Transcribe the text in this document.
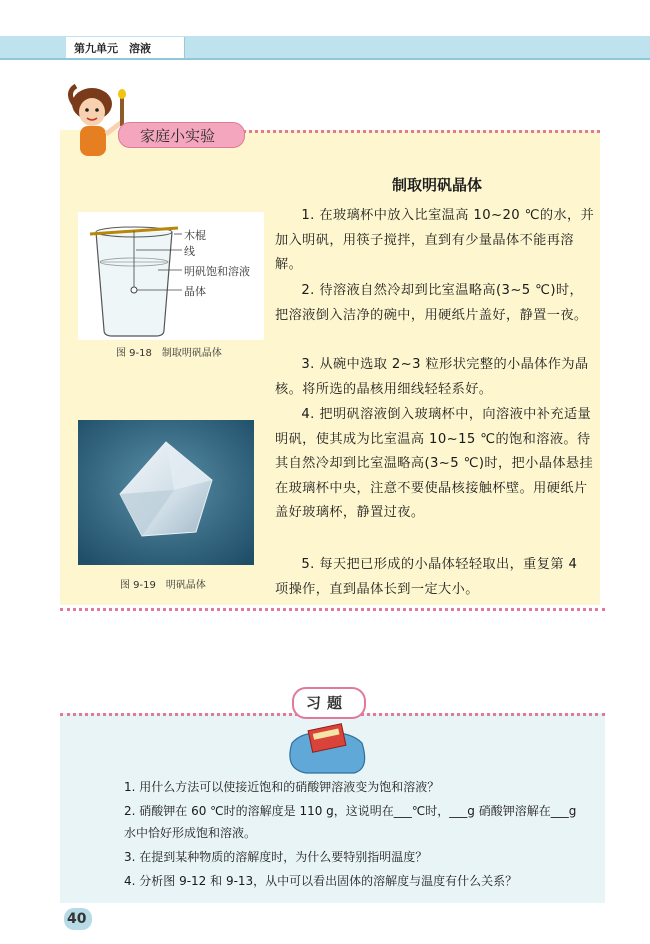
第九单元　溶液
家庭小实验
制取明矾晶体
1. 在玻璃杯中放入比室温高 10~20 ℃的水，并加入明矾，用筷子搅拌，直到有少量晶体不能再溶解。
2. 待溶液自然冷却到比室温略高(3~5 ℃)时，把溶液倒入洁净的碗中，用硬纸片盖好，静置一夜。
3. 从碗中选取 2~3 粒形状完整的小晶体作为晶核。将所选的晶核用细线轻轻系好。
4. 把明矾溶液倒入玻璃杯中，向溶液中补充适量明矾，使其成为比室温高 10~15 ℃的饱和溶液。待其自然冷却到比室温略高(3~5 ℃)时，把小晶体悬挂在玻璃杯中央，注意不要使晶核接触杯壁。用硬纸片盖好玻璃杯，静置过夜。
5. 每天把已形成的小晶体轻轻取出，重复第 4 项操作，直到晶体长到一定大小。
木棍
线
明矾饱和溶液
晶体
图 9-18　制取明矾晶体
图 9-19　明矾晶体
习题
1. 用什么方法可以使接近饱和的硝酸钾溶液变为饱和溶液？
2. 硝酸钾在 60 ℃时的溶解度是 110 g，这说明在___℃时，___g 硝酸钾溶解在___g 水中恰好形成饱和溶液。
3. 在提到某种物质的溶解度时，为什么要特别指明温度？
4. 分析图 9-12 和 9-13，从中可以看出固体的溶解度与温度有什么关系？
40
